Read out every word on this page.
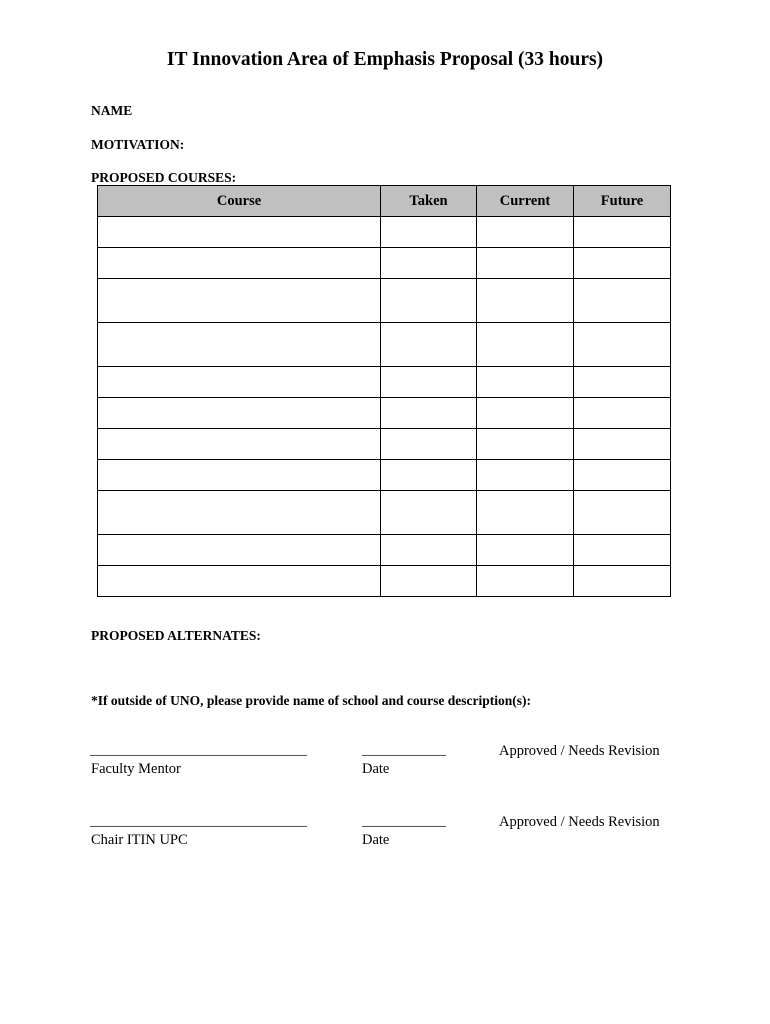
IT Innovation Area of Emphasis Proposal (33 hours)
NAME
MOTIVATION:
PROPOSED COURSES:
Course	Taken	Current	Future

PROPOSED ALTERNATES:
*If outside of UNO, please provide name of school and course description(s):
_______________________________	____________	Approved / Needs Revision
Faculty Mentor	Date
_______________________________	____________	Approved / Needs Revision
Chair ITIN UPC	Date
